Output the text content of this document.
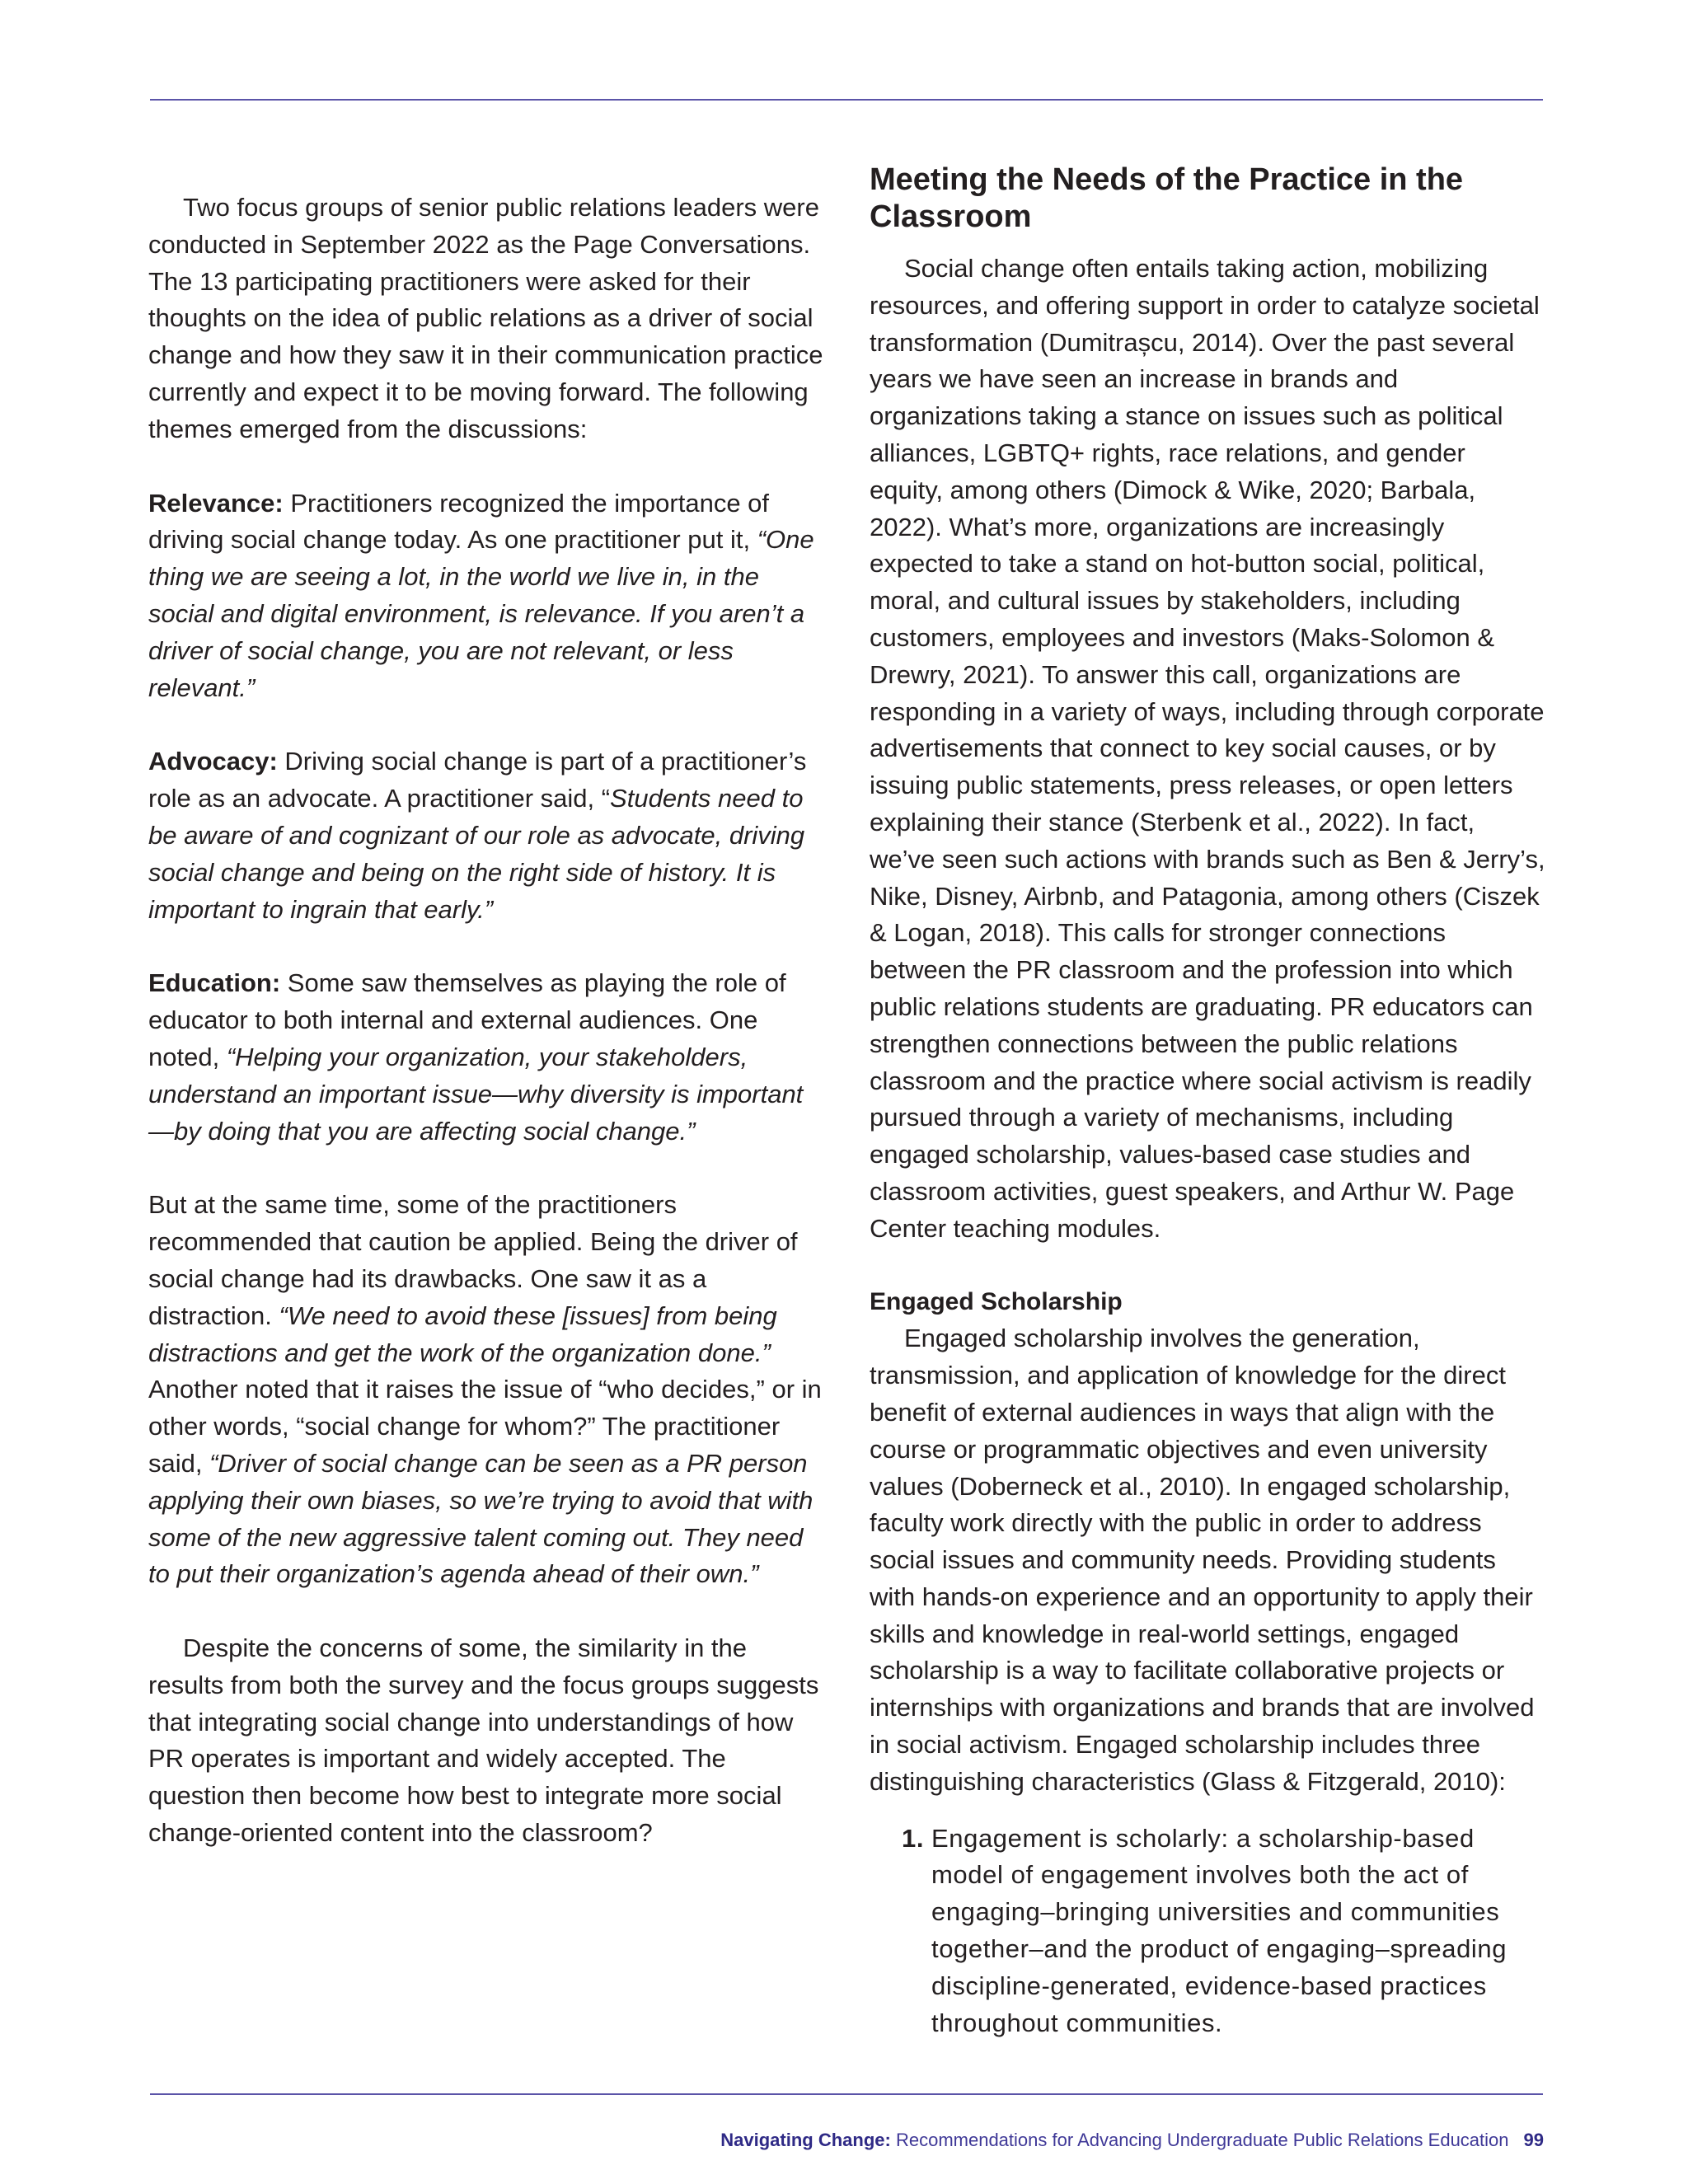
Two focus groups of senior public relations leaders were conducted in September 2022 as the Page Conversations. The 13 participating practitioners were asked for their thoughts on the idea of public relations as a driver of social change and how they saw it in their communication practice currently and expect it to be moving forward. The following themes emerged from the discussions:

Relevance: Practitioners recognized the importance of driving social change today. As one practitioner put it, “One thing we are seeing a lot, in the world we live in, in the social and digital environment, is relevance. If you aren’t a driver of social change, you are not relevant, or less relevant.”

Advocacy: Driving social change is part of a practitioner’s role as an advocate. A practitioner said, “Students need to be aware of and cognizant of our role as advocate, driving social change and being on the right side of history. It is important to ingrain that early.”

Education: Some saw themselves as playing the role of educator to both internal and external audiences. One noted, “Helping your organization, your stakeholders, understand an important issue—why diversity is important—by doing that you are affecting social change.”

But at the same time, some of the practitioners recommended that caution be applied. Being the driver of social change had its drawbacks. One saw it as a distraction. “We need to avoid these [issues] from being distractions and get the work of the organization done.” Another noted that it raises the issue of “who decides,” or in other words, “social change for whom?” The practitioner said, “Driver of social change can be seen as a PR person applying their own biases, so we’re trying to avoid that with some of the new aggressive talent coming out. They need to put their organization’s agenda ahead of their own.”

Despite the concerns of some, the similarity in the results from both the survey and the focus groups suggests that integrating social change into understandings of how PR operates is important and widely accepted. The question then become how best to integrate more social change-oriented content into the classroom?

Meeting the Needs of the Practice in the Classroom

Social change often entails taking action, mobilizing resources, and offering support in order to catalyze societal transformation (Dumitrașcu, 2014). Over the past several years we have seen an increase in brands and organizations taking a stance on issues such as political alliances, LGBTQ+ rights, race relations, and gender equity, among others (Dimock & Wike, 2020; Barbala, 2022). What’s more, organizations are increasingly expected to take a stand on hot-button social, political, moral, and cultural issues by stakeholders, including customers, employees and investors (Maks-Solomon & Drewry, 2021). To answer this call, organizations are responding in a variety of ways, including through corporate advertisements that connect to key social causes, or by issuing public statements, press releases, or open letters explaining their stance (Sterbenk et al., 2022). In fact, we’ve seen such actions with brands such as Ben & Jerry’s, Nike, Disney, Airbnb, and Patagonia, among others (Ciszek & Logan, 2018). This calls for stronger connections between the PR classroom and the profession into which public relations students are graduating. PR educators can strengthen connections between the public relations classroom and the practice where social activism is readily pursued through a variety of mechanisms, including engaged scholarship, values-based case studies and classroom activities, guest speakers, and Arthur W. Page Center teaching modules.

Engaged Scholarship

Engaged scholarship involves the generation, transmission, and application of knowledge for the direct benefit of external audiences in ways that align with the course or programmatic objectives and even university values (Doberneck et al., 2010). In engaged scholarship, faculty work directly with the public in order to address social issues and community needs. Providing students with hands-on experience and an opportunity to apply their skills and knowledge in real-world settings, engaged scholarship is a way to facilitate collaborative projects or internships with organizations and brands that are involved in social activism. Engaged scholarship includes three distinguishing characteristics (Glass & Fitzgerald, 2010):

1. Engagement is scholarly: a scholarship-based model of engagement involves both the act of engaging–bringing universities and communities together–and the product of engaging–spreading discipline-generated, evidence-based practices throughout communities.
Navigating Change: Recommendations for Advancing Undergraduate Public Relations Education 99
